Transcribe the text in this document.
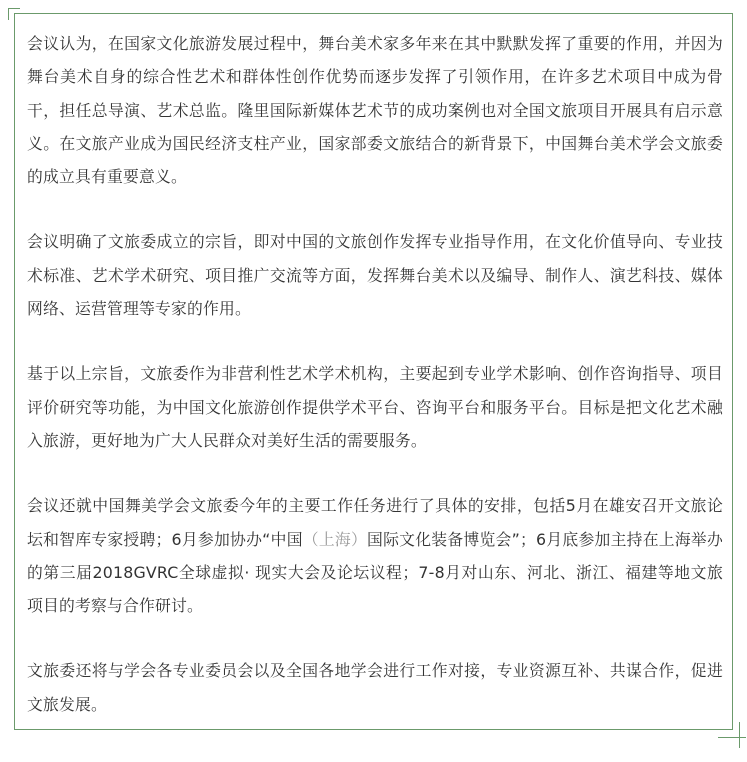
会议认为，在国家文化旅游发展过程中，舞台美术家多年来在其中默默发挥了重要的作用，并因为舞台美术自身的综合性艺术和群体性创作优势而逐步发挥了引领作用，在许多艺术项目中成为骨干，担任总导演、艺术总监。隆里国际新媒体艺术节的成功案例也对全国文旅项目开展具有启示意义。在文旅产业成为国民经济支柱产业，国家部委文旅结合的新背景下，中国舞台美术学会文旅委的成立具有重要意义。

会议明确了文旅委成立的宗旨，即对中国的文旅创作发挥专业指导作用，在文化价值导向、专业技术标准、艺术学术研究、项目推广交流等方面，发挥舞台美术以及编导、制作人、演艺科技、媒体网络、运营管理等专家的作用。

基于以上宗旨，文旅委作为非营利性艺术学术机构，主要起到专业学术影响、创作咨询指导、项目评价研究等功能，为中国文化旅游创作提供学术平台、咨询平台和服务平台。目标是把文化艺术融入旅游，更好地为广大人民群众对美好生活的需要服务。

会议还就中国舞美学会文旅委今年的主要工作任务进行了具体的安排，包括5月在雄安召开文旅论坛和智库专家授聘；6月参加协办“中国（上海）国际文化装备博览会”；6月底参加主持在上海举办的第三届2018GVRC全球虚拟· 现实大会及论坛议程；7-8月对山东、河北、浙江、福建等地文旅项目的考察与合作研讨。

文旅委还将与学会各专业委员会以及全国各地学会进行工作对接，专业资源互补、共谋合作，促进文旅发展。
